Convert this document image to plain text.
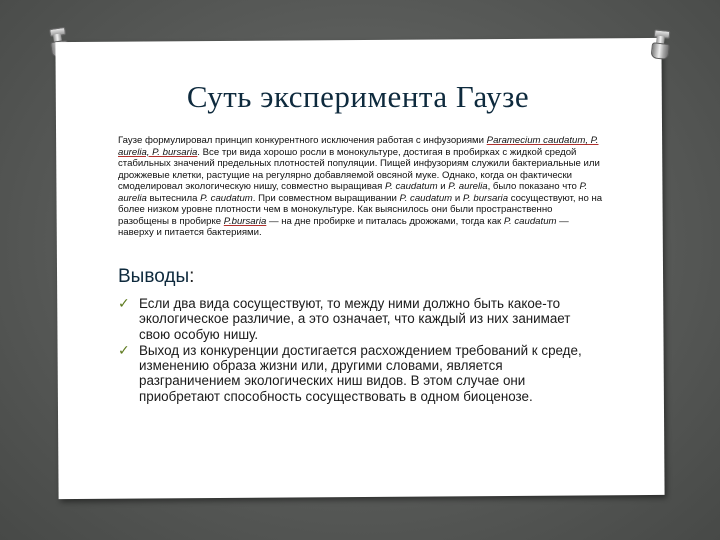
Суть эксперимента Гаузе
Гаузе формулировал принцип конкурентного исключения работая с инфузориями Paramecium caudatum, P. aurelia, P. bursaria. Все три вида хорошо росли в монокультуре, достигая в пробирках с жидкой средой стабильных значений предельных плотностей популяции. Пищей инфузориям служили бактериальные или дрожжевые клетки, растущие на регулярно добавляемой овсяной муке. Однако, когда он фактически смоделировал экологическую нишу, совместно выращивая P. caudatum и P. aurelia, было показано что P. aurelia вытеснила P. caudatum. При совместном выращивании P. caudatum и P. bursaria сосуществуют, но на более низком уровне плотности чем в монокультуре. Как выяснилось они были пространственно разобщены в пробирке P.bursaria — на дне пробирке и питалась дрожжами, тогда как P. caudatum — наверху и питается бактериями.
Выводы:
✓ Если два вида сосуществуют, то между ними должно быть какое-то экологическое различие, а это означает, что каждый из них занимает свою особую нишу.
✓ Выход из конкуренции достигается расхождением требований к среде, изменению образа жизни или, другими словами, является разграничением экологических ниш видов. В этом случае они приобретают способность сосуществовать в одном биоценозе.
